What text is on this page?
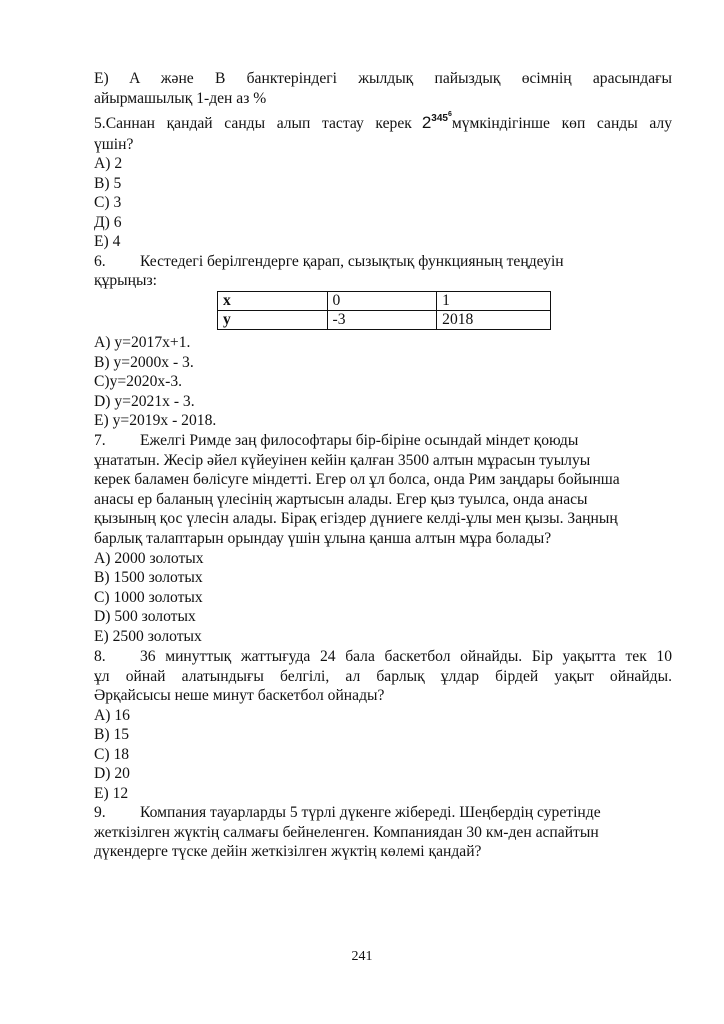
E) A және B банктеріндегі жылдық пайыздық өсімнің арасындағы
айырмашылық 1-ден аз %
5.Саннан қандай санды алып тастау керек $2^{345^6}мүмкіндігінше$ көп санды алу
үшін?
A) 2
B) 5
C) 3
Д) 6
E) 4
6. Кестедегі берілгендерге қарап, сызықтық функцияның теңдеуін
құрыңыз:
x	0	1
y	-3	2018
A) y=2017x+1.
B) y=2000x - 3.
C)y=2020x-3.
D) y=2021x - 3.
E) y=2019x - 2018.
7. Ежелгі Римде заң философтары бір-біріне осындай міндет қоюды
ұнататын. Жесір әйел күйеуінен кейін қалған 3500 алтын мұрасын туылуы
керек баламен бөлісуге міндетті. Егер ол ұл болса, онда Рим заңдары бойынша
анасы ер баланың үлесінің жартысын алады. Егер қыз туылса, онда анасы
қызының қос үлесін алады. Бірақ егіздер дүниеге келді-ұлы мен қызы. Заңның
барлық талаптарын орындау үшін ұлына қанша алтын мұра болады?
A) 2000 золотых
B) 1500 золотых
C) 1000 золотых
D) 500 золотых
E) 2500 золотых
8. 36 минуттық жаттығуда 24 бала баскетбол ойнайды. Бір уақытта тек 10
ұл ойнай алатындығы белгілі, ал барлық ұлдар бірдей уақыт ойнайды.
Әрқайсысы неше минут баскетбол ойнады?
A) 16
B) 15
C) 18
D) 20
E) 12
9. Компания тауарларды 5 түрлі дүкенге жібереді. Шеңбердің суретінде
жеткізілген жүктің салмағы бейнеленген. Компаниядан 30 км-ден аспайтын
дүкендерге түске дейін жеткізілген жүктің көлемі қандай?
241
